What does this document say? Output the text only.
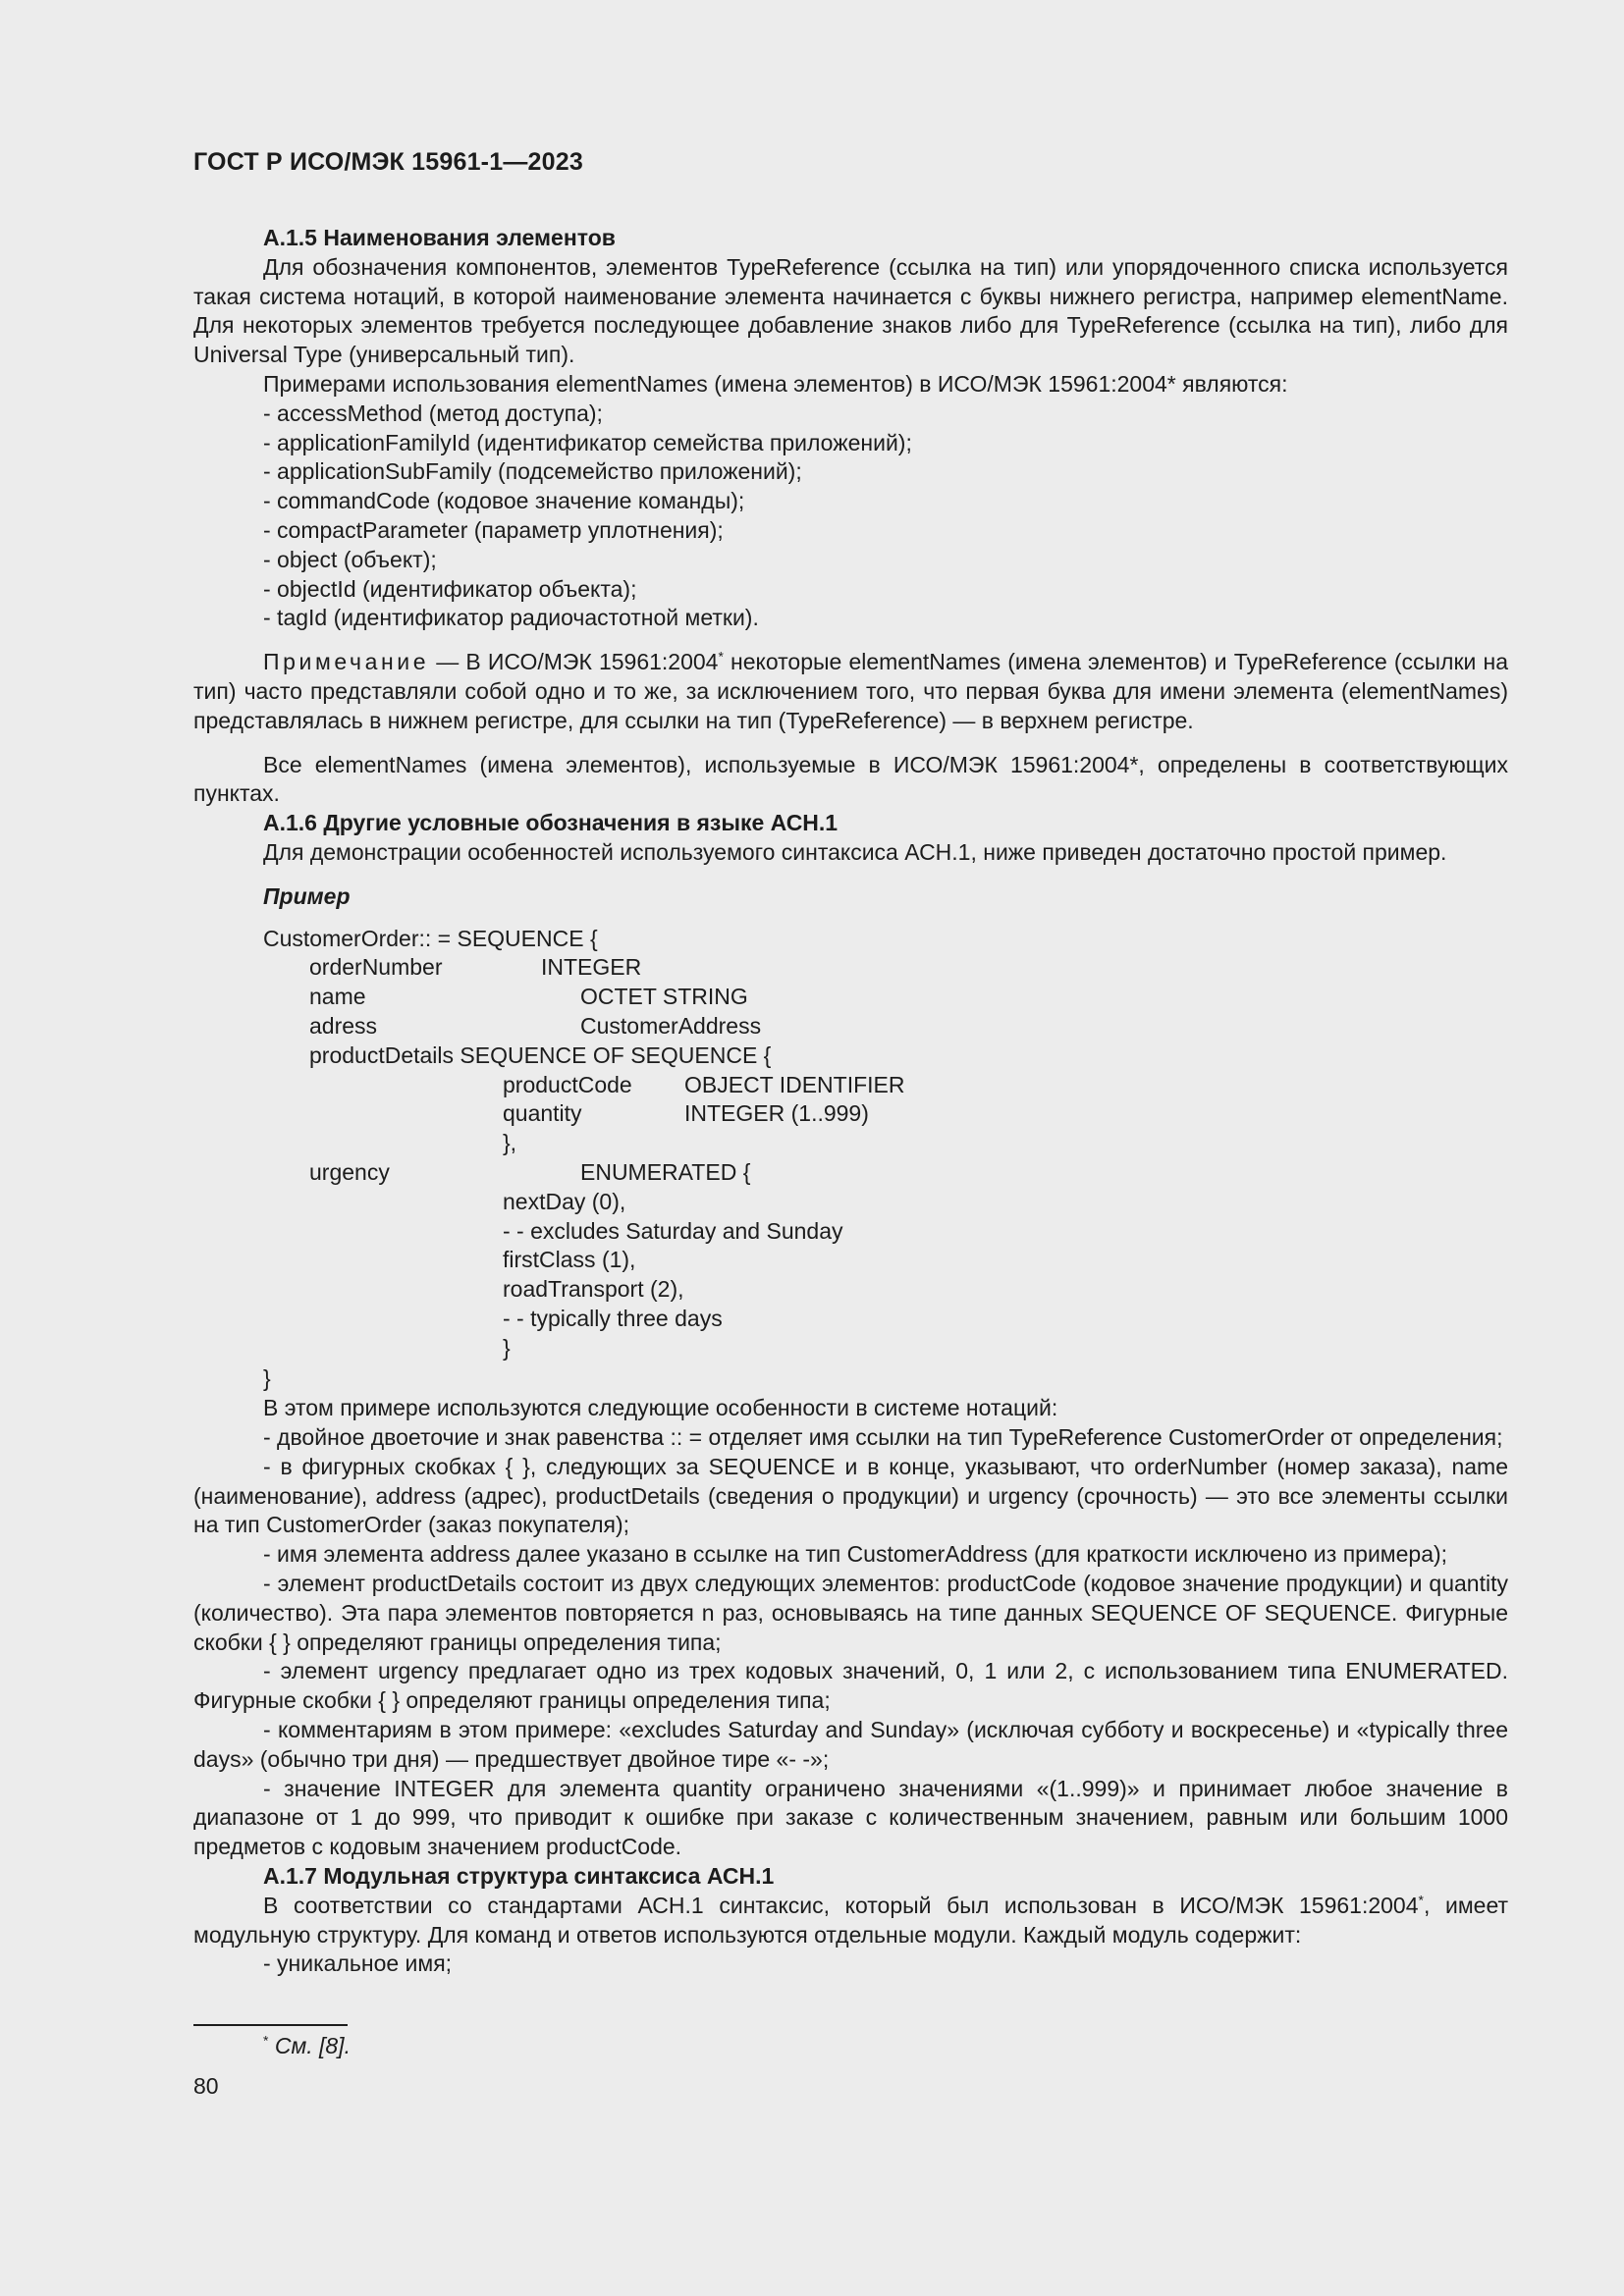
ГОСТ Р ИСО/МЭК 15961-1—2023

А.1.5 Наименования элементов

Для обозначения компонентов, элементов TypeReference (ссылка на тип) или упорядоченного списка используется такая система нотаций, в которой наименование элемента начинается с буквы нижнего регистра, например elementName. Для некоторых элементов требуется последующее добавление знаков либо для TypeReference (ссылка на тип), либо для Universal Type (универсальный тип).

Примерами использования elementNames (имена элементов) в ИСО/МЭК 15961:2004* являются:

- accessMethod (метод доступа);

- applicationFamilyId (идентификатор семейства приложений);

- applicationSubFamily (подсемейство приложений);

- commandCode (кодовое значение команды);

- compactParameter (параметр уплотнения);

- object (объект);

- objectId (идентификатор объекта);

- tagId (идентификатор радиочастотной метки).

Примечание — В ИСО/МЭК 15961:2004* некоторые elementNames (имена элементов) и TypeReference (ссылки на тип) часто представляли собой одно и то же, за исключением того, что первая буква для имени элемента (elementNames) представлялась в нижнем регистре, для ссылки на тип (TypeReference) — в верхнем регистре.

Все elementNames (имена элементов), используемые в ИСО/МЭК 15961:2004*, определены в соответствующих пунктах.

А.1.6 Другие условные обозначения в языке АСН.1

Для демонстрации особенностей используемого синтаксиса АСН.1, ниже приведен достаточно простой пример.

Пример

CustomerOrder:: = SEQUENCE {
orderNumber	INTEGER
name	OCTET STRING
adress	CustomerAddress
productDetails SEQUENCE OF SEQUENCE {
productCode OBJECT IDENTIFIER
quantity	INTEGER (1..999)
},
urgency	ENUMERATED {
nextDay (0),
- - excludes Saturday and Sunday
firstClass (1),
roadTransport (2),
- - typically three days
}
}

В этом примере используются следующие особенности в системе нотаций:

- двойное двоеточие и знак равенства :: = отделяет имя ссылки на тип TypeReference CustomerOrder от определения;

- в фигурных скобках { }, следующих за SEQUENCE и в конце, указывают, что orderNumber (номер заказа), name (наименование), address (адрес), productDetails (сведения о продукции) и urgency (срочность) — это все элементы ссылки на тип CustomerOrder (заказ покупателя);

- имя элемента address далее указано в ссылке на тип CustomerAddress (для краткости исключено из примера);

- элемент productDetails состоит из двух следующих элементов: productCode (кодовое значение продукции) и quantity (количество). Эта пара элементов повторяется n раз, основываясь на типе данных SEQUENCE OF SEQUENCE. Фигурные скобки { } определяют границы определения типа;

- элемент urgency предлагает одно из трех кодовых значений, 0, 1 или 2, с использованием типа ENUMERATED. Фигурные скобки { } определяют границы определения типа;

- комментариям в этом примере: «excludes Saturday and Sunday» (исключая субботу и воскресенье) и «typically three days» (обычно три дня) — предшествует двойное тире «- -»;

- значение INTEGER для элемента quantity ограничено значениями «(1..999)» и принимает любое значение в диапазоне от 1 до 999, что приводит к ошибке при заказе с количественным значением, равным или большим 1000 предметов с кодовым значением productCode.

А.1.7 Модульная структура синтаксиса АСН.1

В соответствии со стандартами АСН.1 синтаксис, который был использован в ИСО/МЭК 15961:2004*, имеет модульную структуру. Для команд и ответов используются отдельные модули. Каждый модуль содержит:

- уникальное имя;

* См. [8].
80
